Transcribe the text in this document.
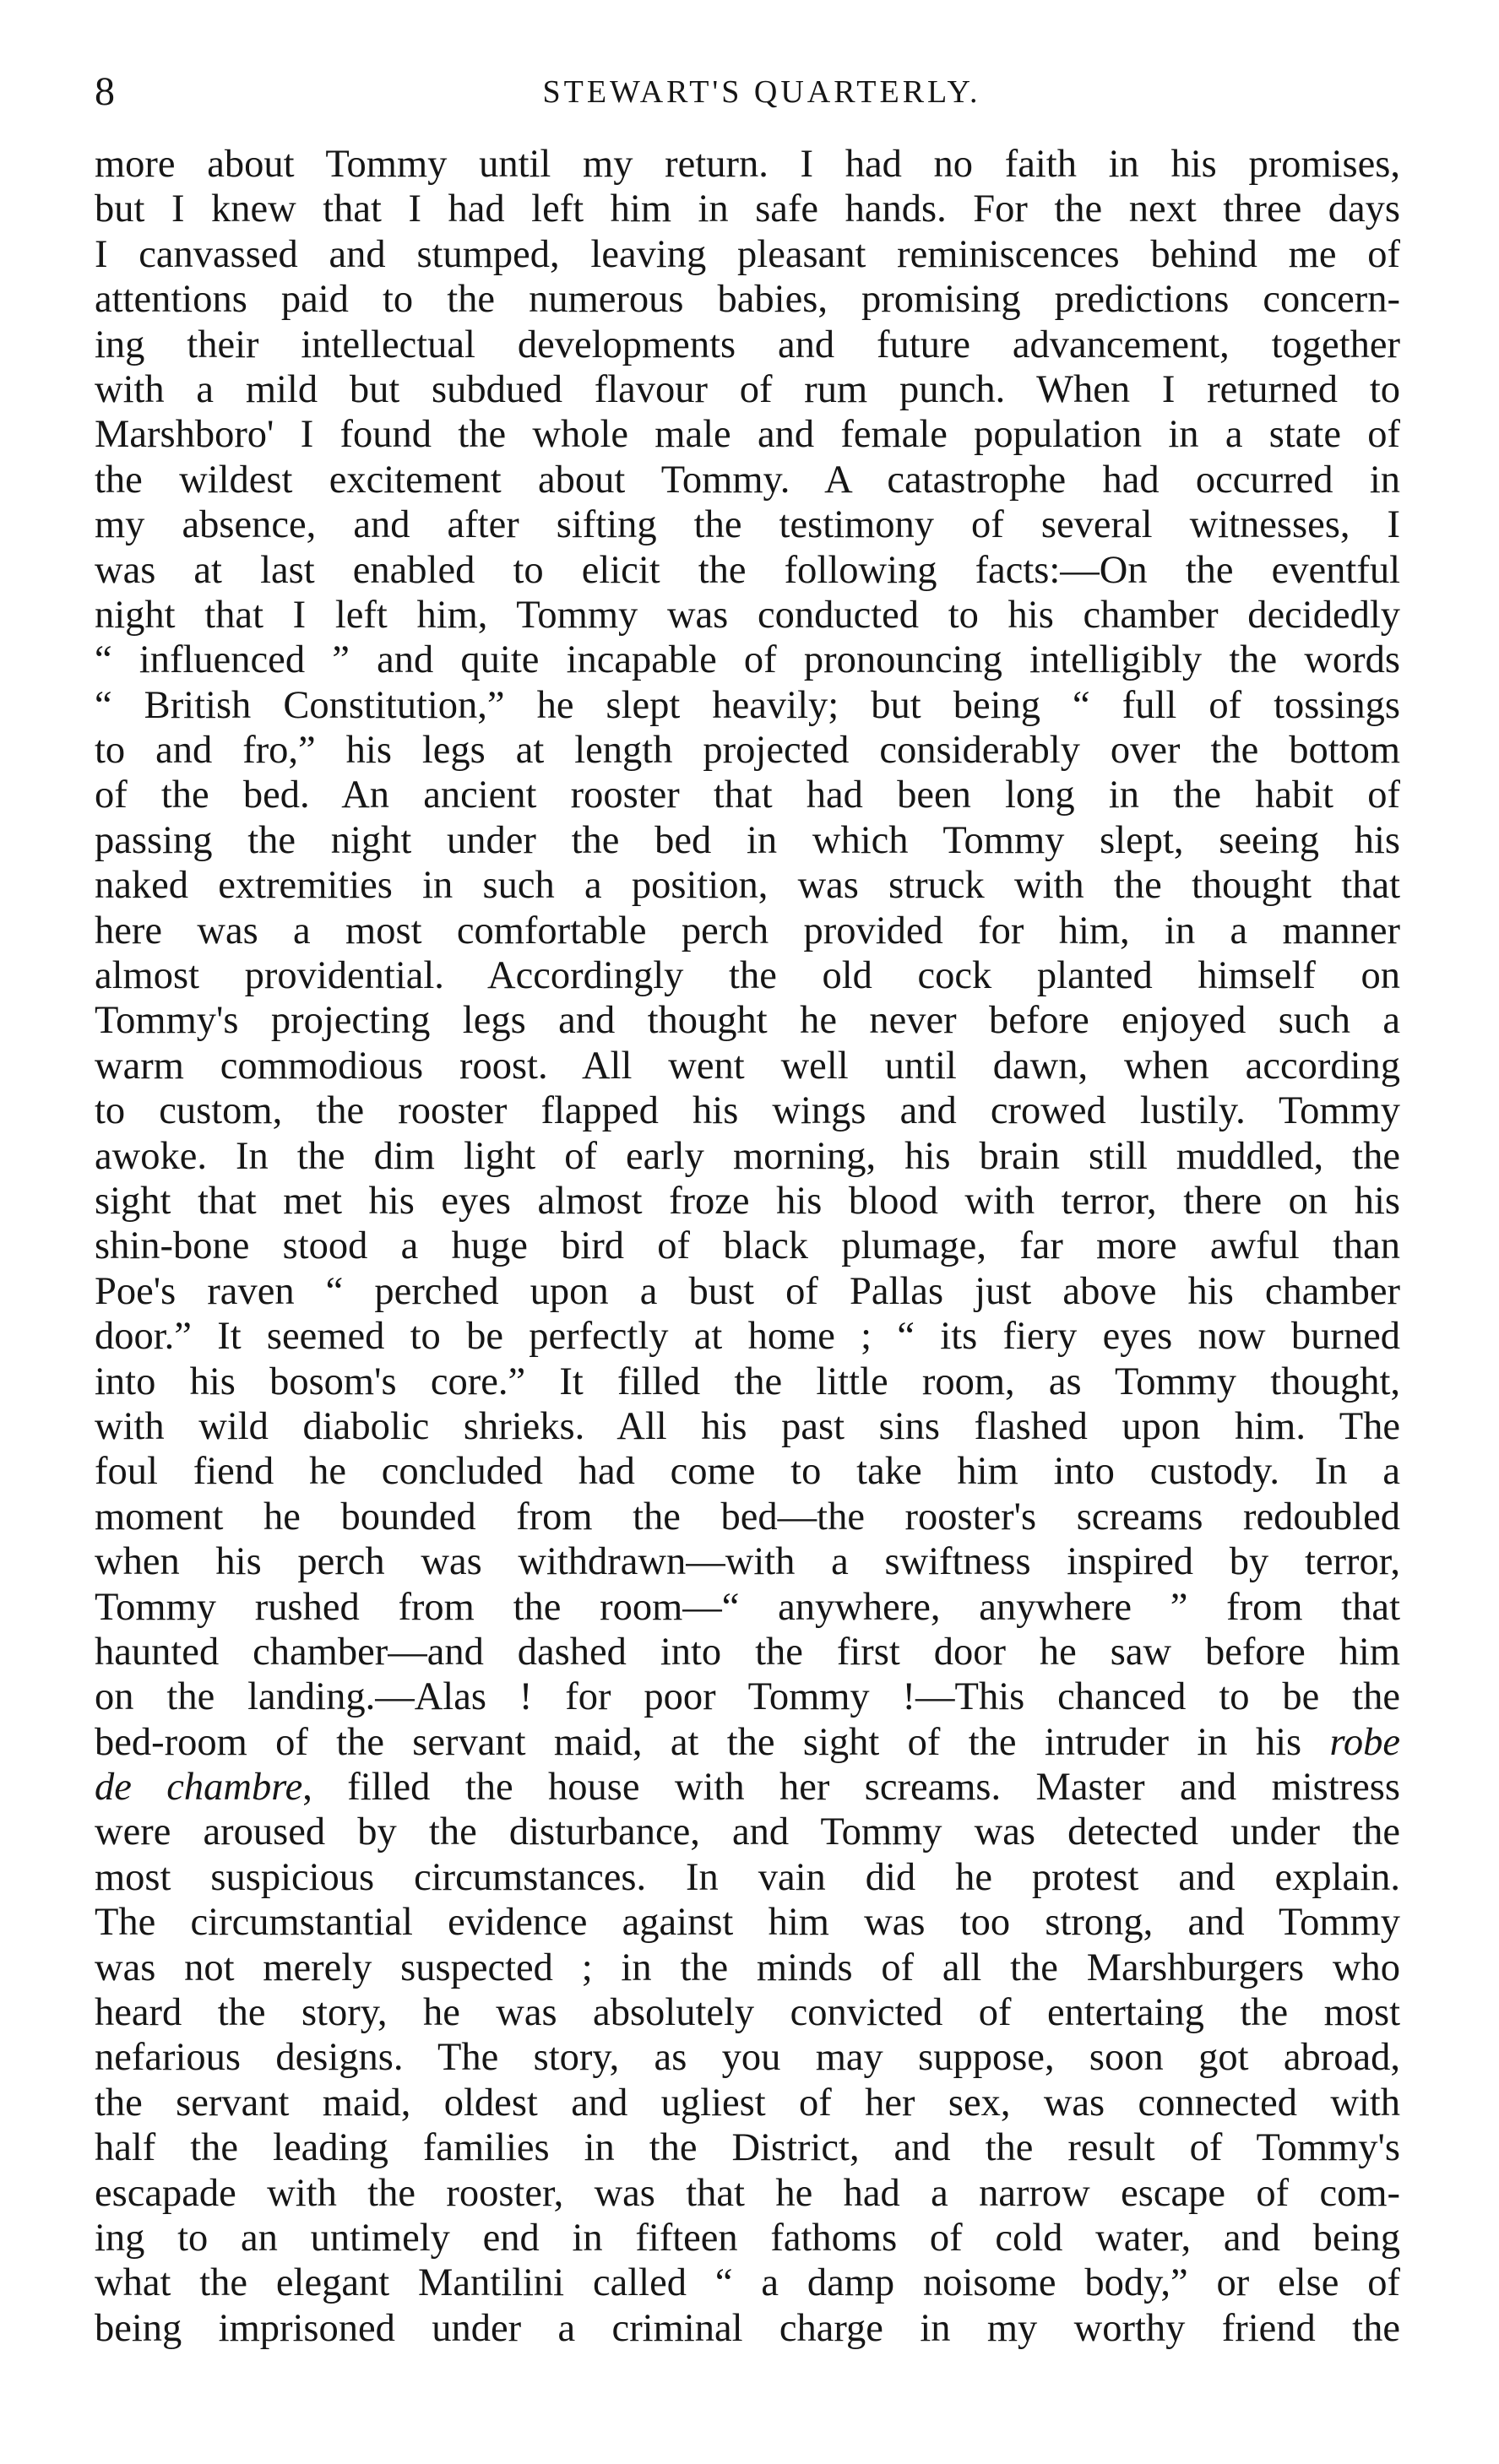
8	STEWART'S QUARTERLY.
more about Tommy until my return. I had no faith in his promises,
but I knew that I had left him in safe hands. For the next three days
I canvassed and stumped, leaving pleasant reminiscences behind me of
attentions paid to the numerous babies, promising predictions concern-
ing their intellectual developments and future advancement, together
with a mild but subdued flavour of rum punch. When I returned to
Marshboro' I found the whole male and female population in a state of
the wildest excitement about Tommy. A catastrophe had occurred in
my absence, and after sifting the testimony of several witnesses, I
was at last enabled to elicit the following facts:—On the eventful
night that I left him, Tommy was conducted to his chamber decidedly
“ influenced ” and quite incapable of pronouncing intelligibly the words
“ British Constitution,” he slept heavily; but being “ full of tossings
to and fro,” his legs at length projected considerably over the bottom
of the bed. An ancient rooster that had been long in the habit of
passing the night under the bed in which Tommy slept, seeing his
naked extremities in such a position, was struck with the thought that
here was a most comfortable perch provided for him, in a manner
almost providential. Accordingly the old cock planted himself on
Tommy's projecting legs and thought he never before enjoyed such a
warm commodious roost. All went well until dawn, when according
to custom, the rooster flapped his wings and crowed lustily. Tommy
awoke. In the dim light of early morning, his brain still muddled, the
sight that met his eyes almost froze his blood with terror, there on his
shin-bone stood a huge bird of black plumage, far more awful than
Poe's raven “ perched upon a bust of Pallas just above his chamber
door.” It seemed to be perfectly at home ; “ its fiery eyes now burned
into his bosom's core.” It filled the little room, as Tommy thought,
with wild diabolic shrieks. All his past sins flashed upon him. The
foul fiend he concluded had come to take him into custody. In a
moment he bounded from the bed—the rooster's screams redoubled
when his perch was withdrawn—with a swiftness inspired by terror,
Tommy rushed from the room—“ anywhere, anywhere ” from that
haunted chamber—and dashed into the first door he saw before him
on the landing.—Alas ! for poor Tommy !—This chanced to be the
bed-room of the servant maid, at the sight of the intruder in his robe
de chambre, filled the house with her screams. Master and mistress
were aroused by the disturbance, and Tommy was detected under the
most suspicious circumstances. In vain did he protest and explain.
The circumstantial evidence against him was too strong, and Tommy
was not merely suspected ; in the minds of all the Marshburgers who
heard the story, he was absolutely convicted of entertaing the most
nefarious designs. The story, as you may suppose, soon got abroad,
the servant maid, oldest and ugliest of her sex, was connected with
half the leading families in the District, and the result of Tommy's
escapade with the rooster, was that he had a narrow escape of com-
ing to an untimely end in fifteen fathoms of cold water, and being
what the elegant Mantilini called “ a damp noisome body,” or else of
being imprisoned under a criminal charge in my worthy friend the
